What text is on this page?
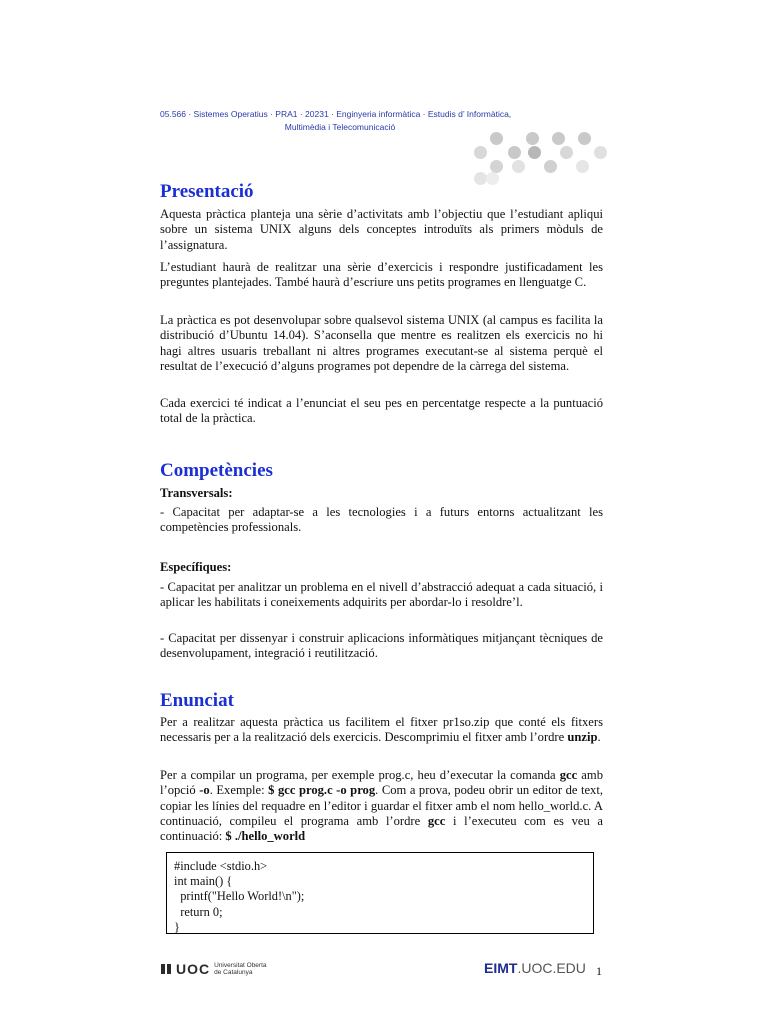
05.566 · Sistemes Operatius · PRA1 · 20231 · Enginyeria informàtica · Estudis d’ Informàtica,
Multimèdia i Telecomunicació
Presentació

Aquesta pràctica planteja una sèrie d’activitats amb l’objectiu que l’estudiant apliqui sobre un sistema UNIX alguns dels conceptes introduïts als primers mòduls de l’assignatura.

L’estudiant haurà de realitzar una sèrie d’exercicis i respondre justificadament les preguntes plantejades. També haurà d’escriure uns petits programes en llenguatge C.

La pràctica es pot desenvolupar sobre qualsevol sistema UNIX (al campus es facilita la distribució d’Ubuntu 14.04). S’aconsella que mentre es realitzen els exercicis no hi hagi altres usuaris treballant ni altres programes executant-se al sistema perquè el resultat de l’execució d’alguns programes pot dependre de la càrrega del sistema.

Cada exercici té indicat a l’enunciat el seu pes en percentatge respecte a la puntuació total de la pràctica.

Competències

Transversals:

- Capacitat per adaptar-se a les tecnologies i a futurs entorns actualitzant les competències professionals.

Específiques:

- Capacitat per analitzar un problema en el nivell d’abstracció adequat a cada situació, i aplicar les habilitats i coneixements adquirits per abordar-lo i resoldre’l.

- Capacitat per dissenyar i construir aplicacions informàtiques mitjançant tècniques de desenvolupament, integració i reutilització.

Enunciat

Per a realitzar aquesta pràctica us facilitem el fitxer pr1so.zip que conté els fitxers necessaris per a la realització dels exercicis. Descomprimiu el fitxer amb l’ordre unzip.

Per a compilar un programa, per exemple prog.c, heu d’executar la comanda gcc amb l’opció -o. Exemple: $ gcc prog.c -o prog. Com a prova, podeu obrir un editor de text, copiar les línies del requadre en l’editor i guardar el fitxer amb el nom hello_world.c. A continuació, compileu el programa amb l’ordre gcc i l’executeu com es veu a continuació: $ ./hello_world

#include <stdio.h>
int main() {
printf("Hello World!\n");
return 0;
}
UOC Universitat Oberta
de Catalunya	EIMT.UOC.EDU 1
